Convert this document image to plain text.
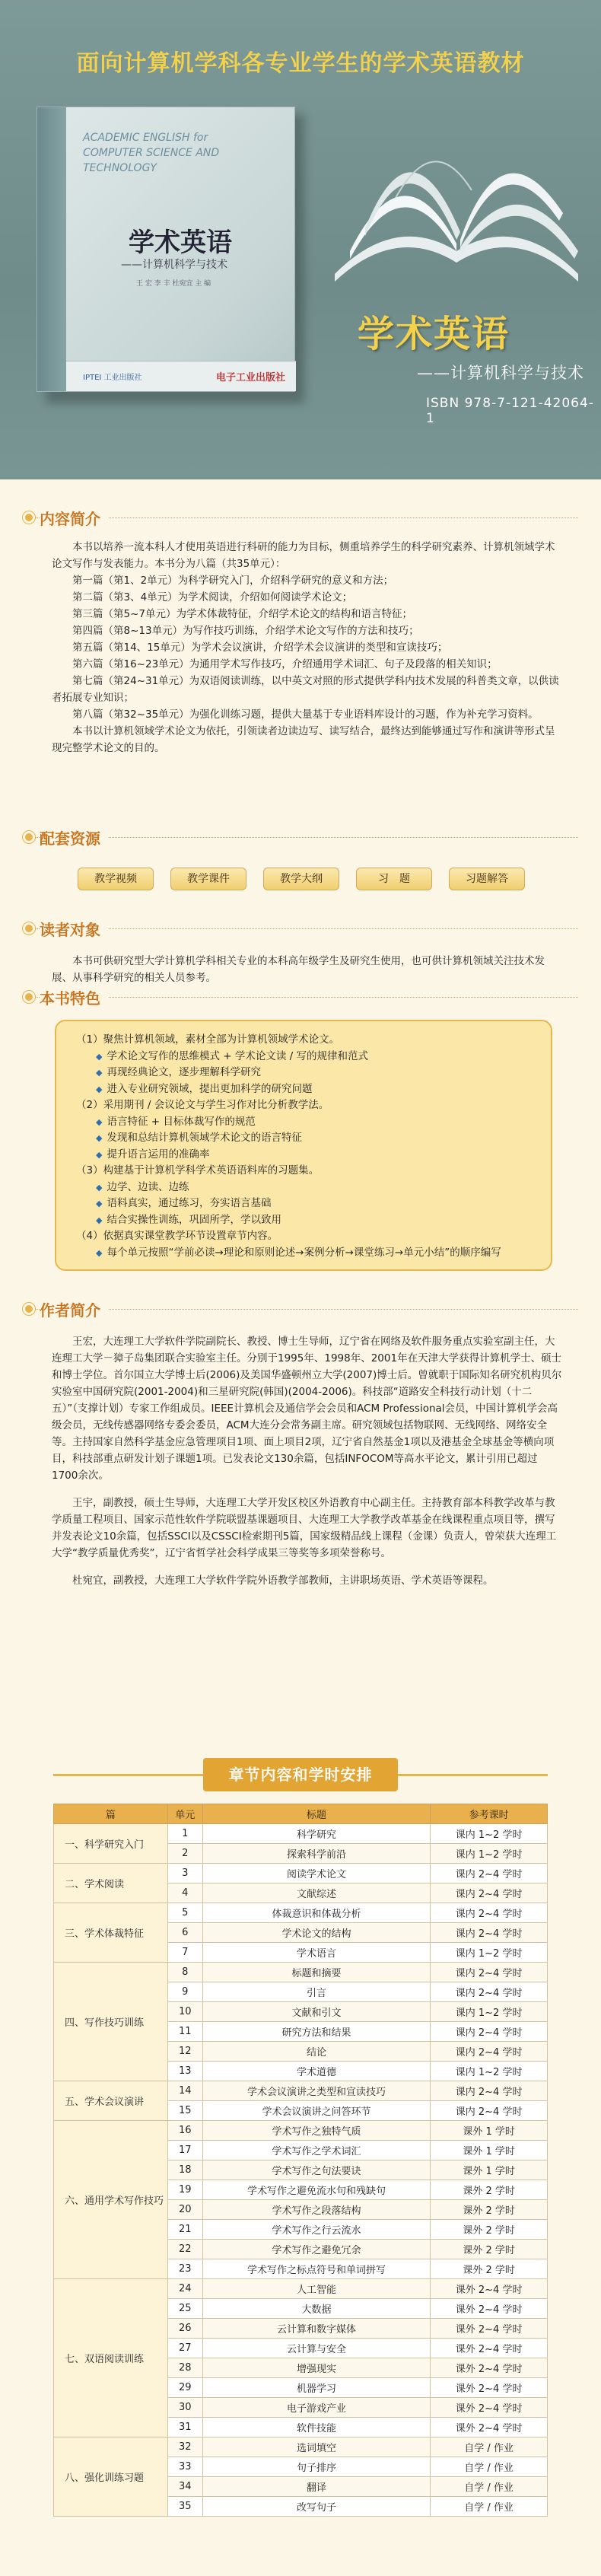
面向计算机学科各专业学生的学术英语教材
ACADEMIC ENGLISH for COMPUTER SCIENCE AND TECHNOLOGY
学术英语
——计算机科学与技术
王 宏 李 丰 杜宛宜 主 编
IPTEI 工业出版社	电子工业出版社
学术英语
——计算机科学与技术
ISBN 978-7-121-42064-1
内容简介

本书以培养一流本科人才使用英语进行科研的能力为目标，侧重培养学生的科学研究素养、计算机领域学术论文写作与发表能力。本书分为八篇（共35单元）：

第一篇（第1、2单元）为科学研究入门，介绍科学研究的意义和方法；

第二篇（第3、4单元）为学术阅读，介绍如何阅读学术论文；

第三篇（第5~7单元）为学术体裁特征，介绍学术论文的结构和语言特征；

第四篇（第8~13单元）为写作技巧训练，介绍学术论文写作的方法和技巧；

第五篇（第14、15单元）为学术会议演讲，介绍学术会议演讲的类型和宣读技巧；

第六篇（第16~23单元）为通用学术写作技巧，介绍通用学术词汇、句子及段落的相关知识；

第七篇（第24~31单元）为双语阅读训练，以中英文对照的形式提供学科内技术发展的科普类文章，以供读者拓展专业知识；

第八篇（第32~35单元）为强化训练习题，提供大量基于专业语料库设计的习题，作为补充学习资料。

本书以计算机领域学术论文为依托，引领读者边读边写、读写结合，最终达到能够通过写作和演讲等形式呈现完整学术论文的目的。

配套资源
教学视频	教学课件	教学大纲	习　题	习题解答
读者对象

本书可供研究型大学计算机学科相关专业的本科高年级学生及研究生使用，也可供计算机领域关注技术发展、从事科学研究的相关人员参考。

本书特色
（1）聚焦计算机领域，素材全部为计算机领域学术论文。
◆ 学术论文写作的思维模式 + 学术论文读 / 写的规律和范式
◆ 再现经典论文，逐步理解科学研究
◆ 进入专业研究领域，提出更加科学的研究问题
（2）采用期刊 / 会议论文与学生习作对比分析教学法。
◆ 语言特征 + 目标体裁写作的规范
◆ 发现和总结计算机领域学术论文的语言特征
◆ 提升语言运用的准确率
（3）构建基于计算机学科学术英语语料库的习题集。
◆ 边学、边读、边练
◆ 语料真实，通过练习，夯实语言基础
◆ 结合实操性训练，巩固所学，学以致用
（4）依据真实课堂教学环节设置章节内容。
◆ 每个单元按照“学前必读→理论和原则论述→案例分析→课堂练习→单元小结”的顺序编写
作者简介

王宏，大连理工大学软件学院副院长、教授、博士生导师，辽宁省在网络及软件服务重点实验室副主任，大连理工大学－獐子岛集团联合实验室主任。分别于1995年、1998年、2001年在天津大学获得计算机学士、硕士和博士学位。首尔国立大学博士后(2006)及美国华盛顿州立大学(2007)博士后。曾就职于国际知名研究机构贝尔实验室中国研究院(2001-2004)和三星研究院(韩国)(2004-2006)。科技部“道路安全科技行动计划（十二五）”（支撑计划）专家工作组成员。IEEE计算机会及通信学会会员和ACM Professional会员，中国计算机学会高级会员，无线传感器网络专委会委员，ACM大连分会常务副主席。研究领域包括物联网、无线网络、网络安全等。主持国家自然科学基金应急管理项目1项、面上项目2项，辽宁省自然基金1项以及港基金全球基金等横向项目，科技部重点研发计划子课题1项。已发表论文130余篇，包括INFOCOM等高水平论文，累计引用已超过1700余次。

王宇，副教授，硕士生导师，大连理工大学开发区校区外语教育中心副主任。主持教育部本科教学改革与教学质量工程项目、国家示范性软件学院联盟基课题项目、大连理工大学教学改革基金在线课程重点项目等，撰写并发表论文10余篇，包括SSCI以及CSSCI检索期刊5篇，国家级精品线上课程（金课）负责人，曾荣获大连理工大学“教学质量优秀奖”，辽宁省哲学社会科学成果三等奖等多项荣誉称号。

杜宛宜，副教授，大连理工大学软件学院外语教学部教师，主讲职场英语、学术英语等课程。

章节内容和学时安排
篇	单元	标题	参考课时
一、科学研究入门	1	科学研究	课内 1~2 学时
	2	探索科学前沿	课内 1~2 学时
二、学术阅读	3	阅读学术论文	课内 2~4 学时
	4	文献综述	课内 2~4 学时
三、学术体裁特征	5	体裁意识和体裁分析	课内 2~4 学时
	6	学术论文的结构	课内 2~4 学时
	7	学术语言	课内 1~2 学时
四、写作技巧训练	8	标题和摘要	课内 2~4 学时
	9	引言	课内 2~4 学时
	10	文献和引文	课内 1~2 学时
	11	研究方法和结果	课内 2~4 学时
	12	结论	课内 2~4 学时
	13	学术道德	课内 1~2 学时
五、学术会议演讲	14	学术会议演讲之类型和宣读技巧	课内 2~4 学时
	15	学术会议演讲之问答环节	课内 2~4 学时
六、通用学术写作技巧	16	学术写作之独特气质	课外 1 学时
	17	学术写作之学术词汇	课外 1 学时
	18	学术写作之句法要诀	课外 1 学时
	19	学术写作之避免流水句和残缺句	课外 2 学时
	20	学术写作之段落结构	课外 2 学时
	21	学术写作之行云流水	课外 2 学时
	22	学术写作之避免冗余	课外 2 学时
	23	学术写作之标点符号和单词拼写	课外 2 学时
七、双语阅读训练	24	人工智能	课外 2~4 学时
	25	大数据	课外 2~4 学时
	26	云计算和数字媒体	课外 2~4 学时
	27	云计算与安全	课外 2~4 学时
	28	增强现实	课外 2~4 学时
	29	机器学习	课外 2~4 学时
	30	电子游戏产业	课外 2~4 学时
	31	软件技能	课外 2~4 学时
八、强化训练习题	32	选词填空	自学 / 作业
	33	句子排序	自学 / 作业
	34	翻译	自学 / 作业
	35	改写句子	自学 / 作业
